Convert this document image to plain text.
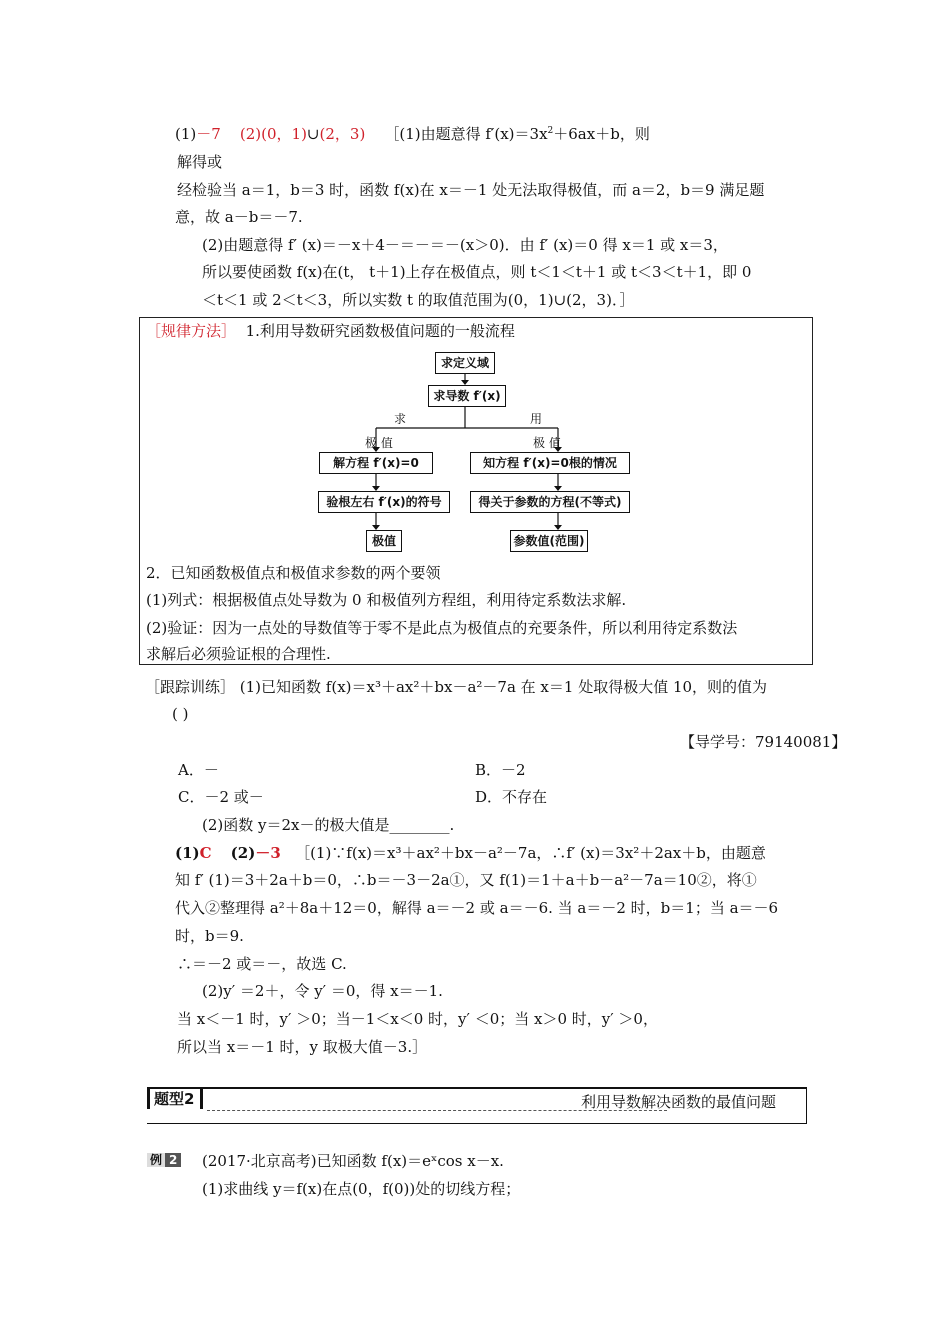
(1)－7 (2)(0，1)∪(2，3) ［(1)由题意得 $f'(x)=3x^2+6ax+b$，则
解得或
经检验当 a＝1，b＝3 时，函数 f(x)在 x＝－1 处无法取得极值，而 a＝2，b＝9 满足题
意，故 a－b＝－7.
(2)由题意得 f′ (x)＝－x＋4－＝－＝－(x＞0)．由 f′ (x)＝0 得 x＝1 或 x＝3，
所以要使函数 f(x)在(t， t＋1)上存在极值点，则 t＜1＜t＋1 或 t＜3＜t＋1，即 0
＜t＜1 或 2＜t＜3，所以实数 t 的取值范围为(0，1)∪(2，3)．］
［规律方法］ 1.利用导数研究函数极值问题的一般流程
求定义域
求导数 f′(x)
求	用
极 值	极 值
解方程 f′(x)=0	知方程 f′(x)=0根的情况
验根左右 f′(x)的符号	得关于参数的方程(不等式)
极值	参数值(范围)
2．已知函数极值点和极值求参数的两个要领
(1)列式：根据极值点处导数为 0 和极值列方程组，利用待定系数法求解.
(2)验证：因为一点处的导数值等于零不是此点为极值点的充要条件，所以利用待定系数法
求解后必须验证根的合理性.
［跟踪训练］ (1)已知函数 f(x)＝x³＋ax²＋bx－a²－7a 在 x＝1 处取得极大值 10，则的值为
( )
【导学号：79140081】
A．－	B．－2
C．－2 或－	D．不存在
(2)函数 y＝2x－的极大值是________.
(1)C (2)－3 ［(1)∵f(x)＝x³＋ax²＋bx－a²－7a，∴f′ (x)＝3x²＋2ax＋b，由题意
知 f′ (1)＝3＋2a＋b＝0，∴b＝－3－2a①，又 f(1)＝1＋a＋b－a²－7a＝10②，将①
代入②整理得 a²＋8a＋12＝0，解得 a＝－2 或 a＝－6. 当 a＝－2 时，b＝1；当 a＝－6
时，b＝9.
∴＝－2 或＝－，故选 C.
(2)y′ ＝2＋，令 y′ ＝0，得 x＝－1.
当 x＜－1 时，y′ ＞0；当－1＜x＜0 时，y′ ＜0；当 x＞0 时，y′ ＞0，
所以当 x＝－1 时，y 取极大值－3.］
题型2	利用导数解决函数的最值问题
例 2	(2017·北京高考)已知函数 f(x)＝eˣcos x－x.
(1)求曲线 y＝f(x)在点(0，f(0))处的切线方程；
